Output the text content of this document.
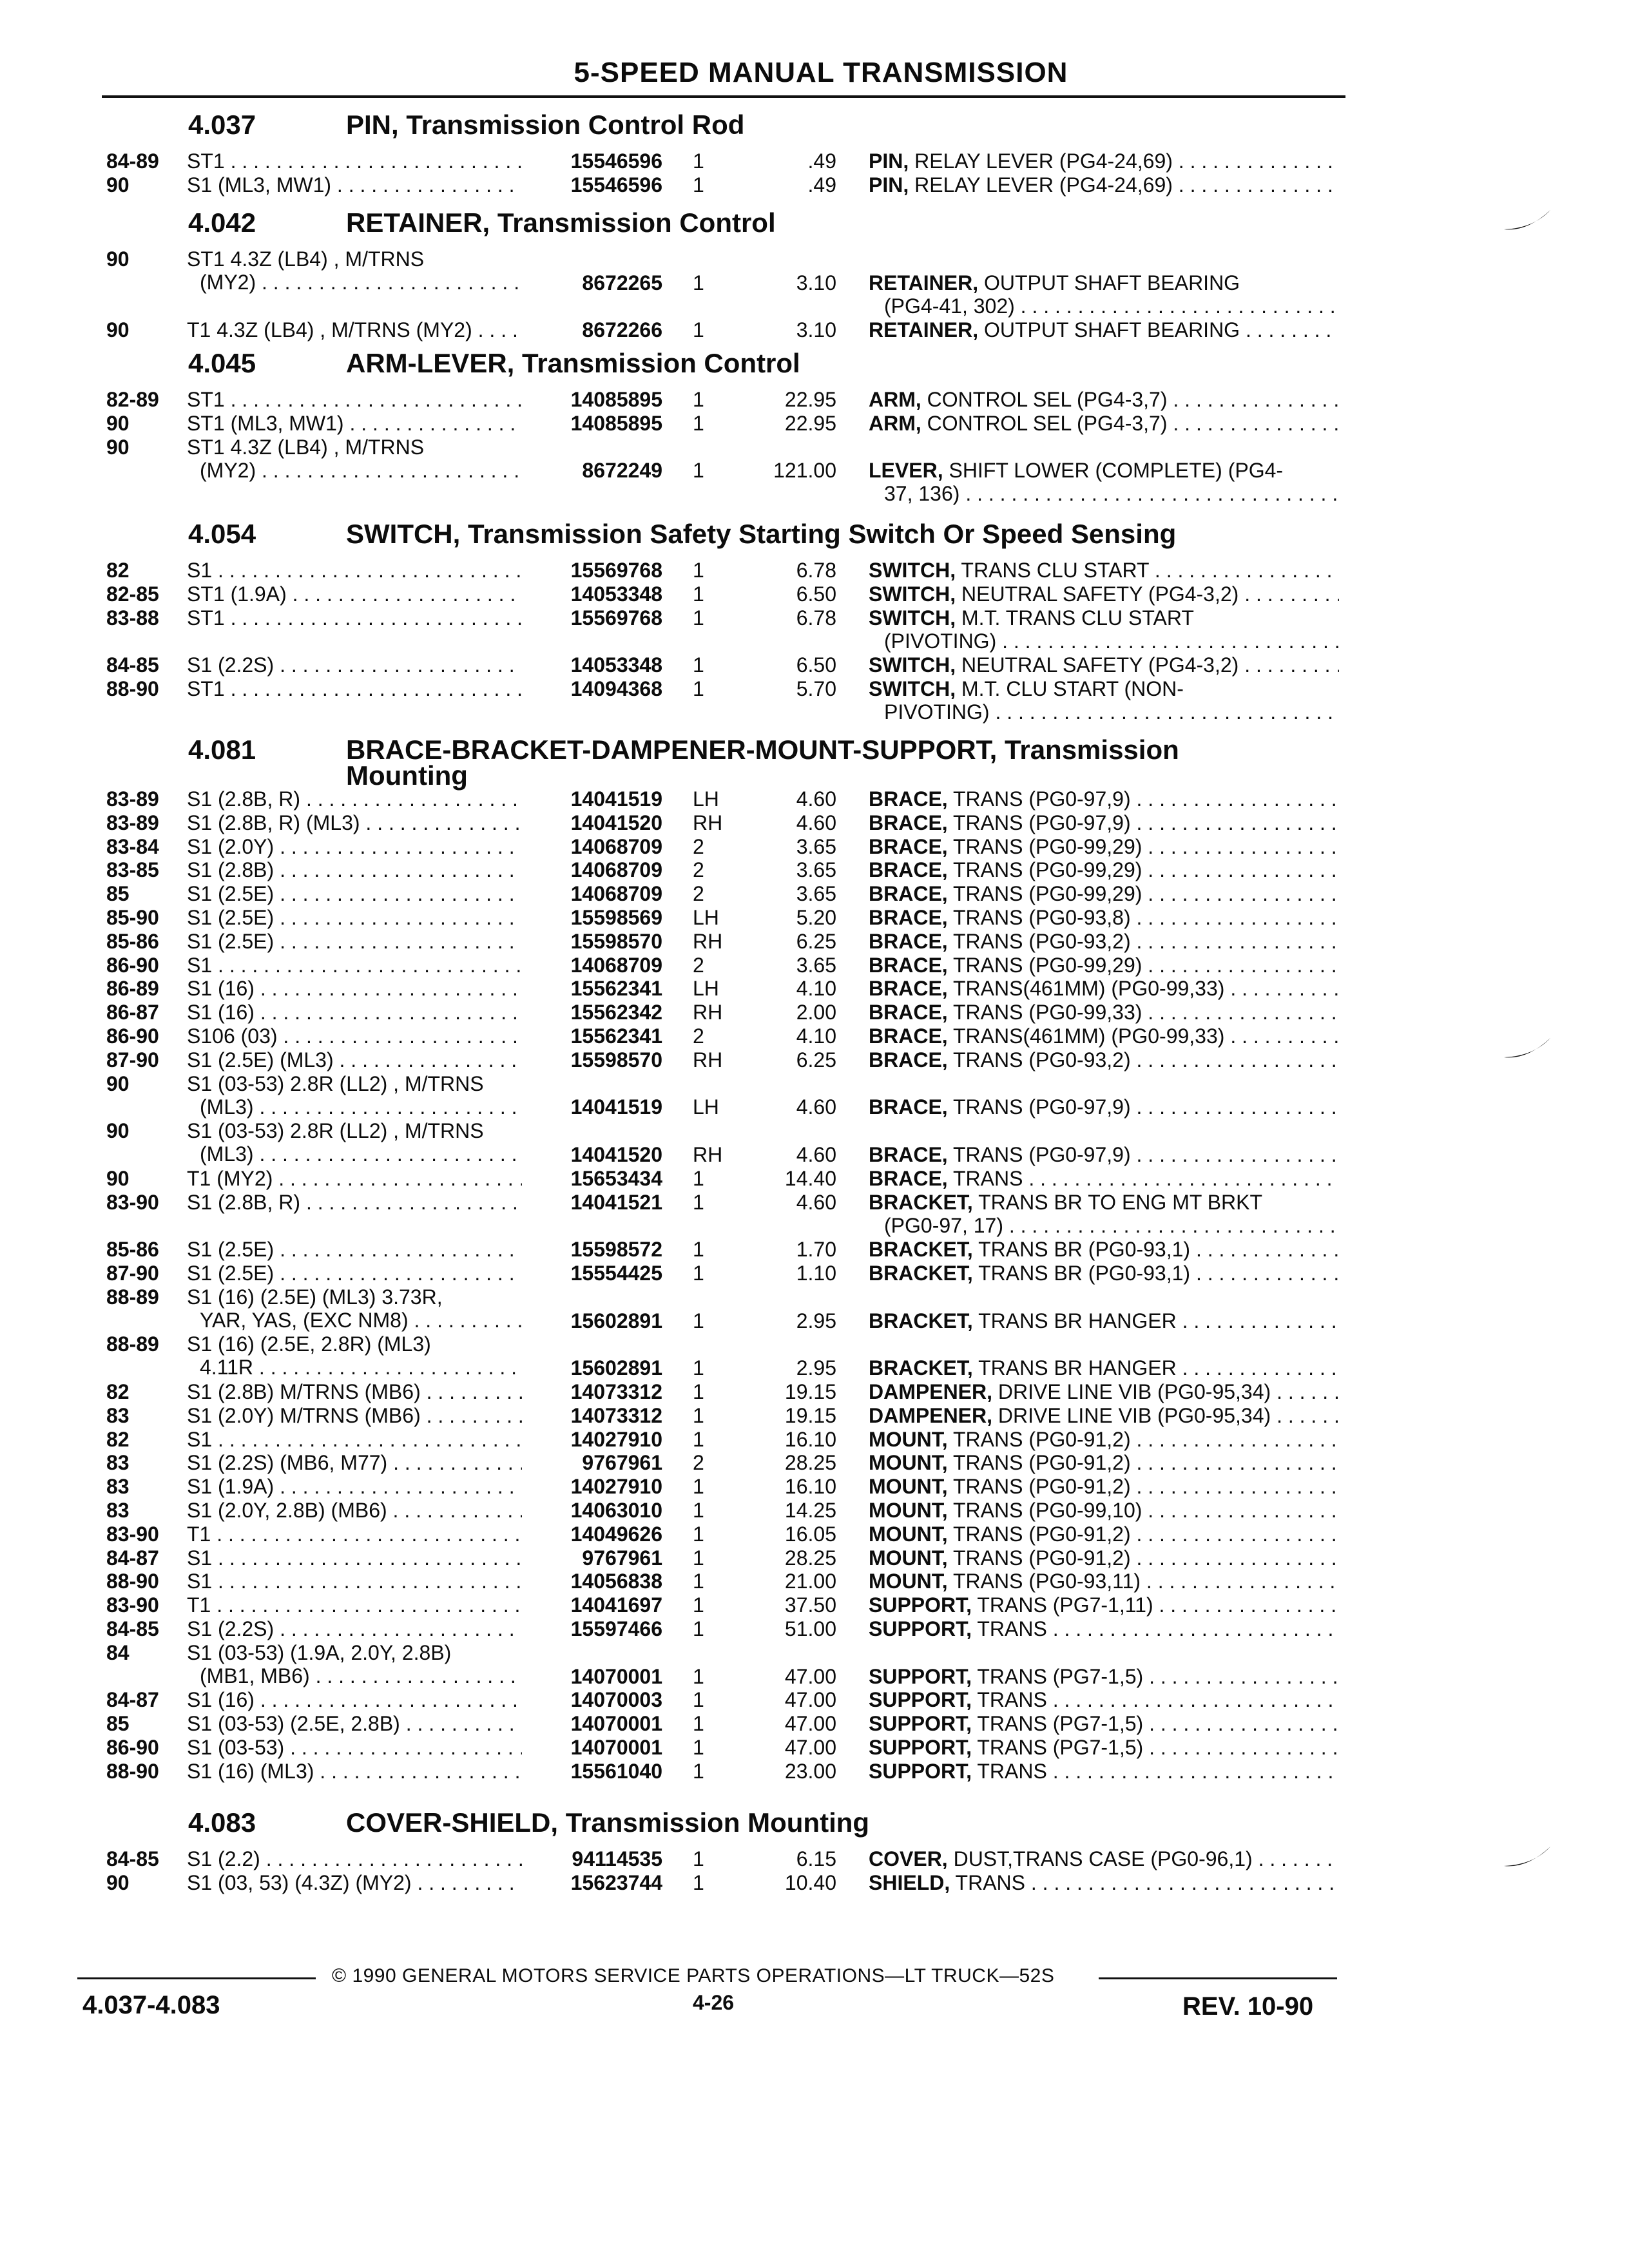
5-SPEED MANUAL TRANSMISSION
4.037	PIN, Transmission Control Rod
84-89 ST1 . . .	15546596 1	.49 PIN, RELAY LEVER (PG4-24,69) . . .
90	S1 (ML3, MW1) . . .	15546596 1	.49 PIN, RELAY LEVER (PG4-24,69) . . .
4.042	RETAINER, Transmission Control
90	ST1 4.3Z (LB4) , M/TRNS
(MY2) . . .	8672265 1	3.10 RETAINER, OUTPUT SHAFT BEARING
(PG4-41, 302) . . .
90	T1 4.3Z (LB4) , M/TRNS (MY2) . . .	8672266 1	3.10 RETAINER, OUTPUT SHAFT BEARING . . .
4.045	ARM-LEVER, Transmission Control
82-89 ST1 . . .	14085895 1	22.95 ARM, CONTROL SEL (PG4-3,7) . . .
90	ST1 (ML3, MW1) . . .	14085895 1	22.95 ARM, CONTROL SEL (PG4-3,7) . . .
90	ST1 4.3Z (LB4) , M/TRNS
(MY2) . . .	8672249 1	121.00 LEVER, SHIFT LOWER (COMPLETE) (PG4-
37, 136) . . .
4.054	SWITCH, Transmission Safety Starting Switch Or Speed Sensing
82	S1 . . .	15569768 1	6.78 SWITCH, TRANS CLU START . . .
82-85 ST1 (1.9A) . . .	14053348 1	6.50 SWITCH, NEUTRAL SAFETY (PG4-3,2) . . .
83-88 ST1 . . .	15569768 1	6.78 SWITCH, M.T. TRANS CLU START
(PIVOTING) . . .
84-85 S1 (2.2S) . . .	14053348 1	6.50 SWITCH, NEUTRAL SAFETY (PG4-3,2) . . .
88-90 ST1 . . .	14094368 1	5.70 SWITCH, M.T. CLU START (NON-
PIVOTING) . . .
4.081	BRACE-BRACKET-DAMPENER-MOUNT-SUPPORT, Transmission
Mounting
83-89 S1 (2.8B, R) . . .	14041519 LH	4.60 BRACE, TRANS (PG0-97,9) . . .
83-89 S1 (2.8B, R) (ML3) . . .	14041520 RH	4.60 BRACE, TRANS (PG0-97,9) . . .
83-84 S1 (2.0Y) . . .	14068709 2	3.65 BRACE, TRANS (PG0-99,29) . . .
83-85 S1 (2.8B) . . .	14068709 2	3.65 BRACE, TRANS (PG0-99,29) . . .
85	S1 (2.5E) . . .	14068709 2	3.65 BRACE, TRANS (PG0-99,29) . . .
85-90 S1 (2.5E) . . .	15598569 LH	5.20 BRACE, TRANS (PG0-93,8) . . .
85-86 S1 (2.5E) . . .	15598570 RH	6.25 BRACE, TRANS (PG0-93,2) . . .
86-90 S1 . . .	14068709 2	3.65 BRACE, TRANS (PG0-99,29) . . .
86-89 S1 (16) . . .	15562341 LH	4.10 BRACE, TRANS(461MM) (PG0-99,33) . . .
86-87 S1 (16) . . .	15562342 RH	2.00 BRACE, TRANS (PG0-99,33) . . .
86-90 S106 (03) . . .	15562341 2	4.10 BRACE, TRANS(461MM) (PG0-99,33) . . .
87-90 S1 (2.5E) (ML3) . . .	15598570 RH	6.25 BRACE, TRANS (PG0-93,2) . . .
90	S1 (03-53) 2.8R (LL2) , M/TRNS
(ML3) . . .	14041519 LH	4.60 BRACE, TRANS (PG0-97,9) . . .
90	S1 (03-53) 2.8R (LL2) , M/TRNS
(ML3) . . .	14041520 RH	4.60 BRACE, TRANS (PG0-97,9) . . .
90	T1 (MY2) . . .	15653434 1	14.40 BRACE, TRANS . . .
83-90 S1 (2.8B, R) . . .	14041521 1	4.60 BRACKET, TRANS BR TO ENG MT BRKT
(PG0-97, 17) . . .
85-86 S1 (2.5E) . . .	15598572 1	1.70 BRACKET, TRANS BR (PG0-93,1) . . .
87-90 S1 (2.5E) . . .	15554425 1	1.10 BRACKET, TRANS BR (PG0-93,1) . . .
88-89 S1 (16) (2.5E) (ML3) 3.73R,
YAR, YAS, (EXC NM8) . . .	15602891 1	2.95 BRACKET, TRANS BR HANGER . . .
88-89 S1 (16) (2.5E, 2.8R) (ML3)
4.11R . . .	15602891 1	2.95 BRACKET, TRANS BR HANGER . . .
82	S1 (2.8B) M/TRNS (MB6) . . .	14073312 1	19.15 DAMPENER, DRIVE LINE VIB (PG0-95,34) . . .
83	S1 (2.0Y) M/TRNS (MB6) . . .	14073312 1	19.15 DAMPENER, DRIVE LINE VIB (PG0-95,34) . . .
82	S1 . . .	14027910 1	16.10 MOUNT, TRANS (PG0-91,2) . . .
83	S1 (2.2S) (MB6, M77) . . .	9767961 2	28.25 MOUNT, TRANS (PG0-91,2) . . .
83	S1 (1.9A) . . .	14027910 1	16.10 MOUNT, TRANS (PG0-91,2) . . .
83	S1 (2.0Y, 2.8B) (MB6) . . .	14063010 1	14.25 MOUNT, TRANS (PG0-99,10) . . .
83-90 T1 . . .	14049626 1	16.05 MOUNT, TRANS (PG0-91,2) . . .
84-87 S1 . . .	9767961 1	28.25 MOUNT, TRANS (PG0-91,2) . . .
88-90 S1 . . .	14056838 1	21.00 MOUNT, TRANS (PG0-93,11) . . .
83-90 T1 . . .	14041697 1	37.50 SUPPORT, TRANS (PG7-1,11) . . .
84-85 S1 (2.2S) . . .	15597466 1	51.00 SUPPORT, TRANS . . .
84	S1 (03-53) (1.9A, 2.0Y, 2.8B)
(MB1, MB6) . . .	14070001 1	47.00 SUPPORT, TRANS (PG7-1,5) . . .
84-87 S1 (16) . . .	14070003 1	47.00 SUPPORT, TRANS . . .
85	S1 (03-53) (2.5E, 2.8B) . . .	14070001 1	47.00 SUPPORT, TRANS (PG7-1,5) . . .
86-90 S1 (03-53) . . .	14070001 1	47.00 SUPPORT, TRANS (PG7-1,5) . . .
88-90 S1 (16) (ML3) . . .	15561040 1	23.00 SUPPORT, TRANS . . .
4.083	COVER-SHIELD, Transmission Mounting
84-85 S1 (2.2) . . .	94114535 1	6.15 COVER, DUST,TRANS CASE (PG0-96,1) . . .
90	S1 (03, 53) (4.3Z) (MY2) . . .	15623744 1	10.40 SHIELD, TRANS . . .
© 1990 GENERAL MOTORS SERVICE PARTS OPERATIONS—LT TRUCK—52S
4.037-4.083	4-26	REV. 10-90
